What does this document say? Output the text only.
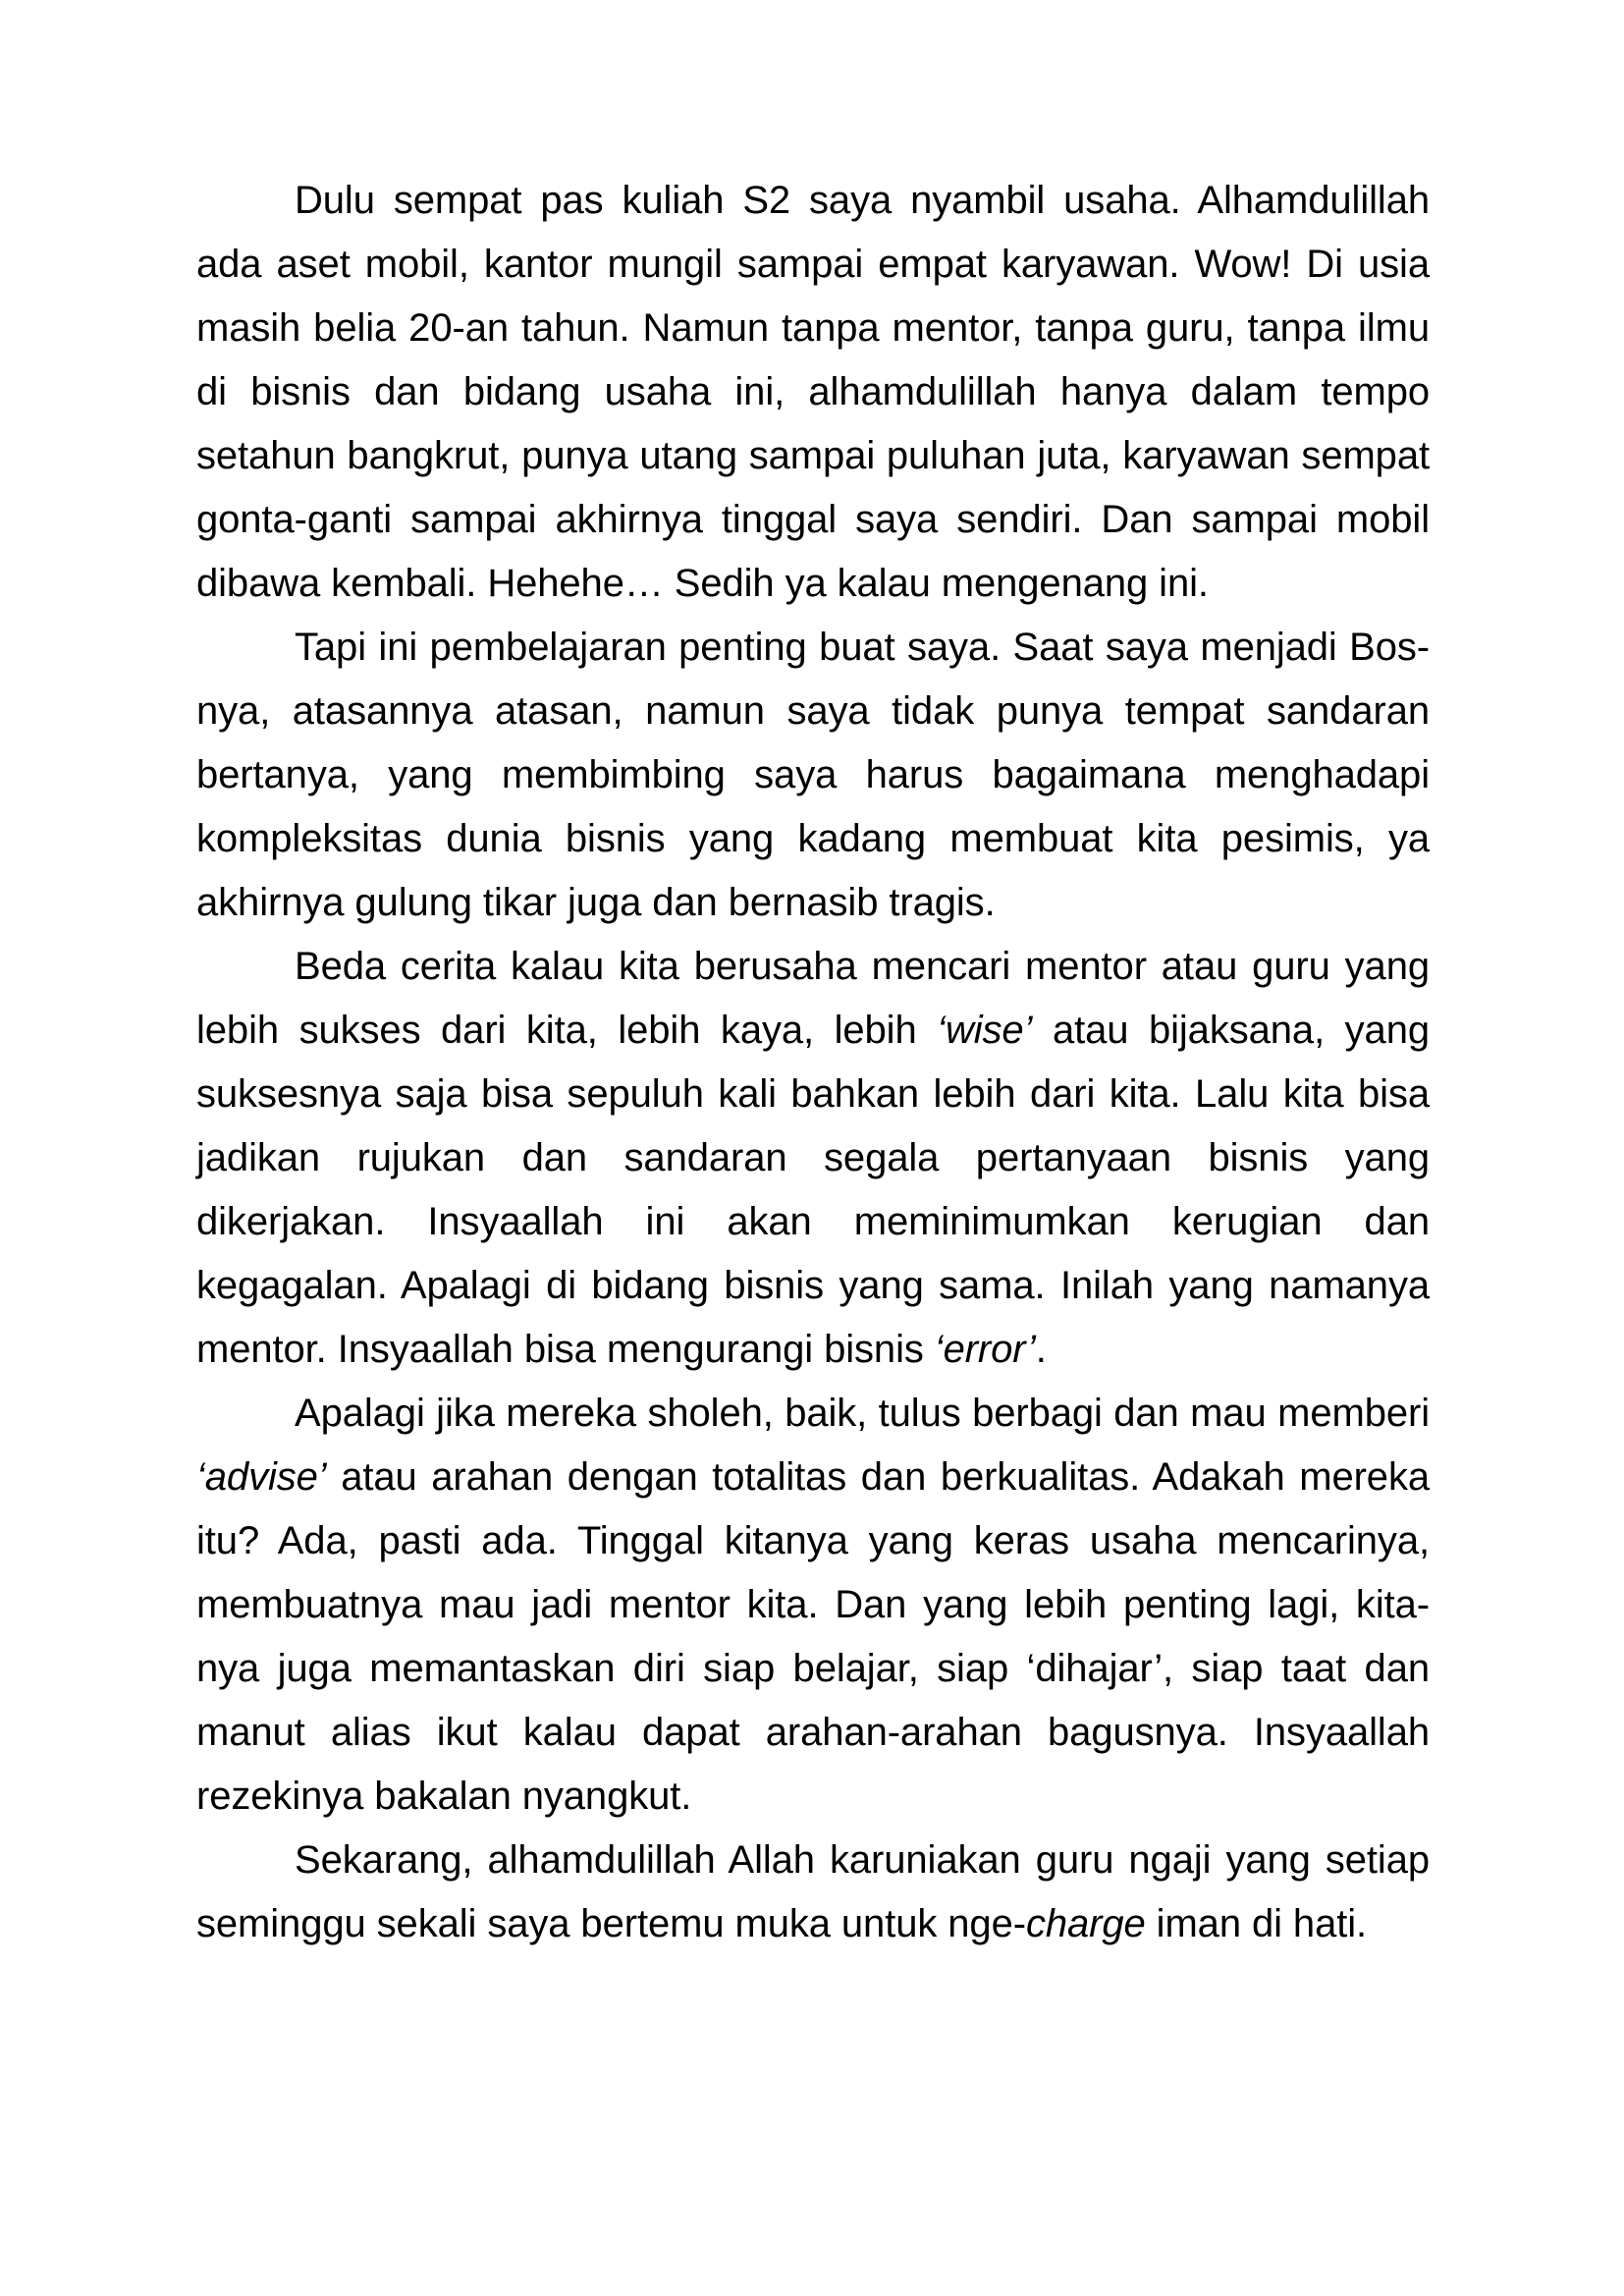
Dulu sempat pas kuliah S2 saya nyambil usaha. Alhamdulillah ada aset mobil, kantor mungil sampai empat karyawan. Wow! Di usia masih belia 20-an tahun. Namun tanpa mentor, tanpa guru, tanpa ilmu di bisnis dan bidang usaha ini, alhamdulillah hanya dalam tempo setahun bangkrut, punya utang sampai puluhan juta, karyawan sempat gonta-ganti sampai akhirnya tinggal saya sendiri. Dan sampai mobil dibawa kembali. Hehehe… Sedih ya kalau mengenang ini.

Tapi ini pembelajaran penting buat saya. Saat saya menjadi Bos-nya, atasannya atasan, namun saya tidak punya tempat sandaran bertanya, yang membimbing saya harus bagaimana menghadapi kompleksitas dunia bisnis yang kadang membuat kita pesimis, ya akhirnya gulung tikar juga dan bernasib tragis.

Beda cerita kalau kita berusaha mencari mentor atau guru yang lebih sukses dari kita, lebih kaya, lebih ‘wise’ atau bijaksana, yang suksesnya saja bisa sepuluh kali bahkan lebih dari kita. Lalu kita bisa jadikan rujukan dan sandaran segala pertanyaan bisnis yang dikerjakan. Insyaallah ini akan meminimumkan kerugian dan kegagalan. Apalagi di bidang bisnis yang sama. Inilah yang namanya mentor. Insyaallah bisa mengurangi bisnis ‘error’.

Apalagi jika mereka sholeh, baik, tulus berbagi dan mau memberi ‘advise’ atau arahan dengan totalitas dan berkualitas. Adakah mereka itu? Ada, pasti ada. Tinggal kitanya yang keras usaha mencarinya, membuatnya mau jadi mentor kita. Dan yang lebih penting lagi, kita-nya juga memantaskan diri siap belajar, siap ‘dihajar’, siap taat dan manut alias ikut kalau dapat arahan-arahan bagusnya. Insyaallah rezekinya bakalan nyangkut.

Sekarang, alhamdulillah Allah karuniakan guru ngaji yang setiap seminggu sekali saya bertemu muka untuk nge-charge iman di hati.
